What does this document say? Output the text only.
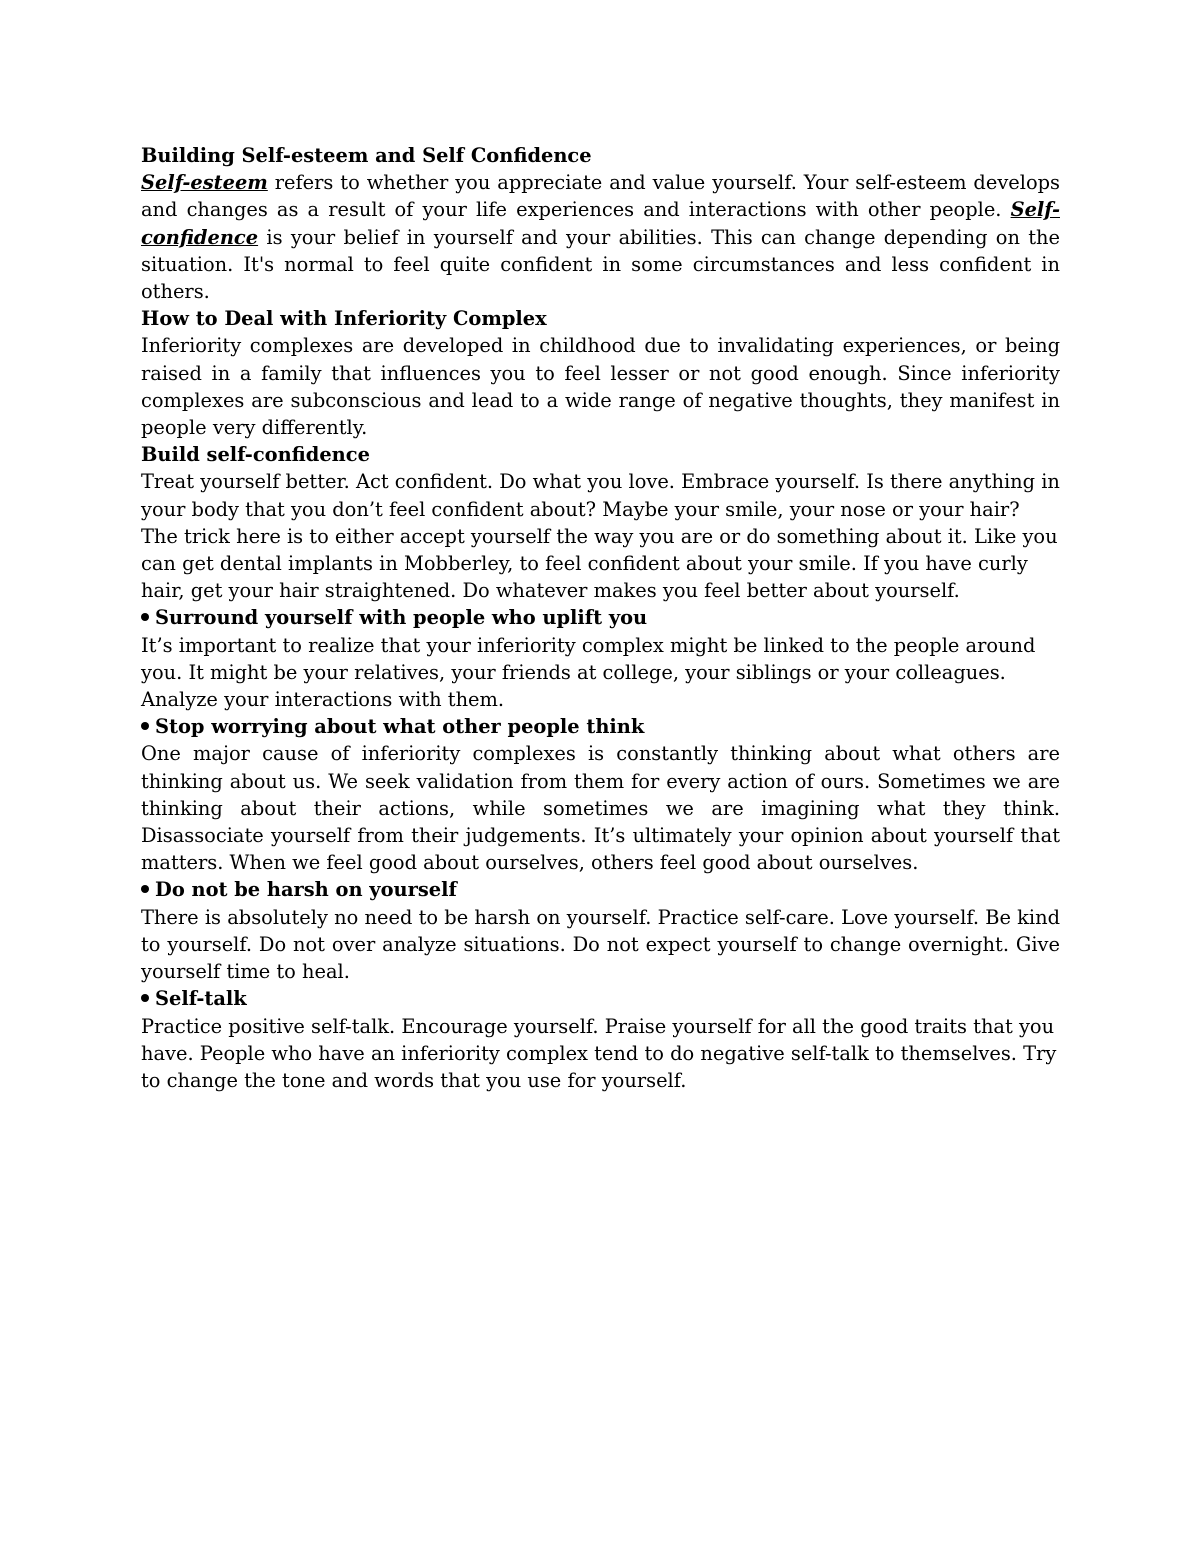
Building Self-esteem and Self Confidence

Self-esteem refers to whether you appreciate and value yourself. Your self-esteem develops and changes as a result of your life experiences and interactions with other people. Self-confidence is your belief in yourself and your abilities. This can change depending on the situation. It's normal to feel quite confident in some circumstances and less confident in others.

How to Deal with Inferiority Complex

Inferiority complexes are developed in childhood due to invalidating experiences, or being raised in a family that influences you to feel lesser or not good enough. Since inferiority complexes are subconscious and lead to a wide range of negative thoughts, they manifest in people very differently.

Build self-confidence

Treat yourself better. Act confident. Do what you love. Embrace yourself. Is there anything in your body that you don’t feel confident about? Maybe your smile, your nose or your hair? The trick here is to either accept yourself the way you are or do something about it. Like you can get dental implants in Mobberley, to feel confident about your smile. If you have curly hair, get your hair straightened. Do whatever makes you feel better about yourself.

Surround yourself with people who uplift you

It’s important to realize that your inferiority complex might be linked to the people around you. It might be your relatives, your friends at college, your siblings or your colleagues. Analyze your interactions with them.

Stop worrying about what other people think

One major cause of inferiority complexes is constantly thinking about what others are thinking about us. We seek validation from them for every action of ours. Sometimes we are thinking about their actions, while sometimes we are imagining what they think. Disassociate yourself from their judgements. It’s ultimately your opinion about yourself that matters. When we feel good about ourselves, others feel good about ourselves.

Do not be harsh on yourself

There is absolutely no need to be harsh on yourself. Practice self-care. Love yourself. Be kind to yourself. Do not over analyze situations. Do not expect yourself to change overnight. Give yourself time to heal.

Self-talk

Practice positive self-talk. Encourage yourself. Praise yourself for all the good traits that you have. People who have an inferiority complex tend to do negative self-talk to themselves. Try to change the tone and words that you use for yourself.
